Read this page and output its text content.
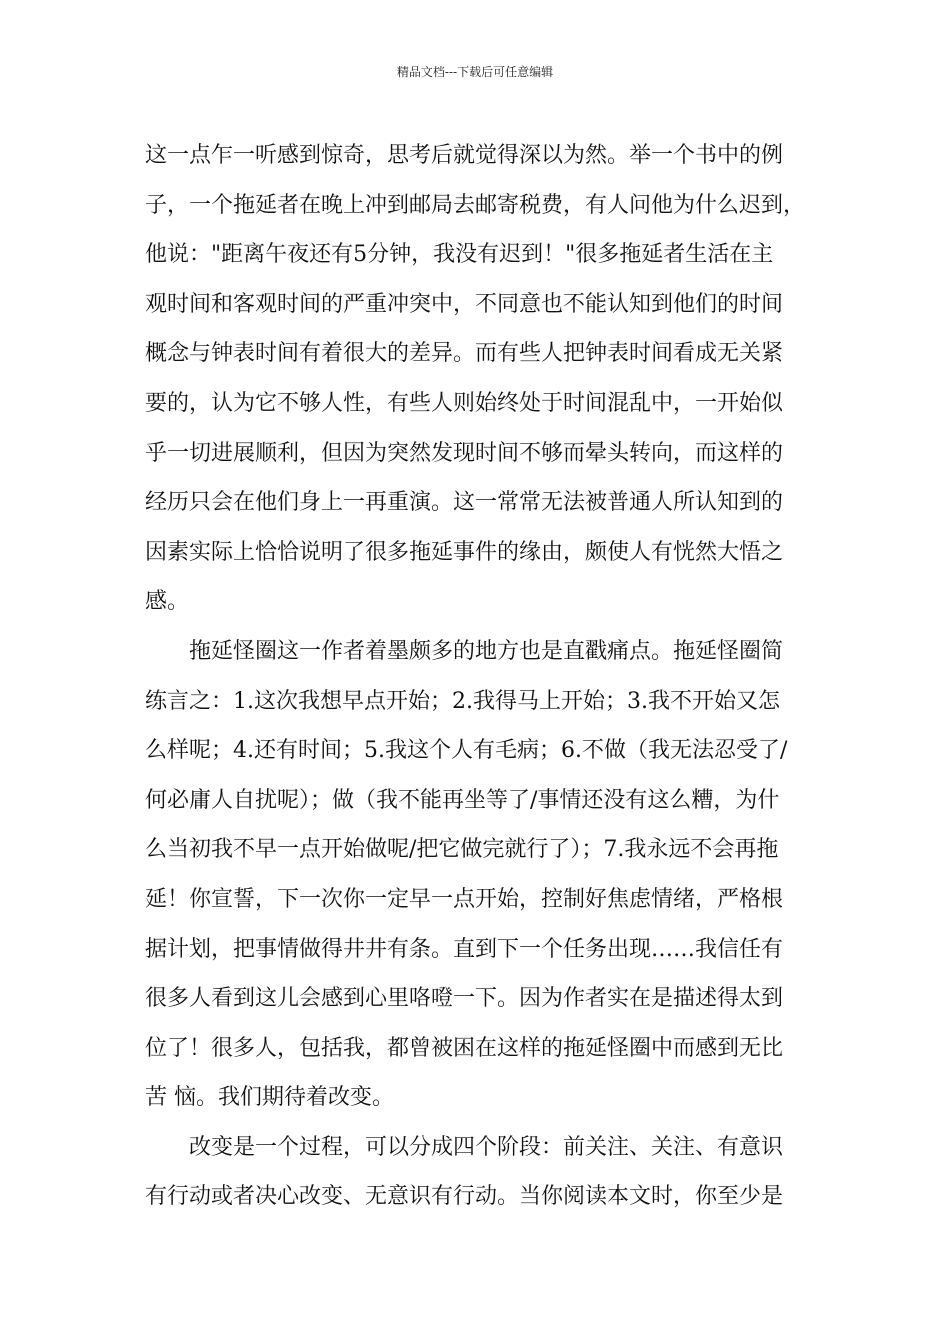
精品文档---下载后可任意编辑
这一点乍一听感到惊奇，思考后就觉得深以为然。举一个书中的例
子，一个拖延者在晚上冲到邮局去邮寄税费，有人问他为什么迟到，
他说："距离午夜还有5分钟，我没有迟到！"很多拖延者生活在主
观时间和客观时间的严重冲突中，不同意也不能认知到他们的时间
概念与钟表时间有着很大的差异。而有些人把钟表时间看成无关紧
要的，认为它不够人性，有些人则始终处于时间混乱中，一开始似
乎一切进展顺利，但因为突然发现时间不够而晕头转向，而这样的
经历只会在他们身上一再重演。这一常常无法被普通人所认知到的
因素实际上恰恰说明了很多拖延事件的缘由，颇使人有恍然大悟之
感。
拖延怪圈这一作者着墨颇多的地方也是直戳痛点。拖延怪圈简
练言之：1.这次我想早点开始；2.我得马上开始；3.我不开始又怎
么样呢；4.还有时间；5.我这个人有毛病；6.不做（我无法忍受了/
何必庸人自扰呢）；做（我不能再坐等了/事情还没有这么糟，为什
么当初我不早一点开始做呢/把它做完就行了）；7.我永远不会再拖
延！你宣誓，下一次你一定早一点开始，控制好焦虑情绪，严格根
据计划，把事情做得井井有条。直到下一个任务出现……我信任有
很多人看到这儿会感到心里咯噔一下。因为作者实在是描述得太到
位了！很多人，包括我，都曾被困在这样的拖延怪圈中而感到无比
苦 恼。我们期待着改变。
改变是一个过程，可以分成四个阶段：前关注、关注、有意识
有行动或者决心改变、无意识有行动。当你阅读本文时，你至少是
